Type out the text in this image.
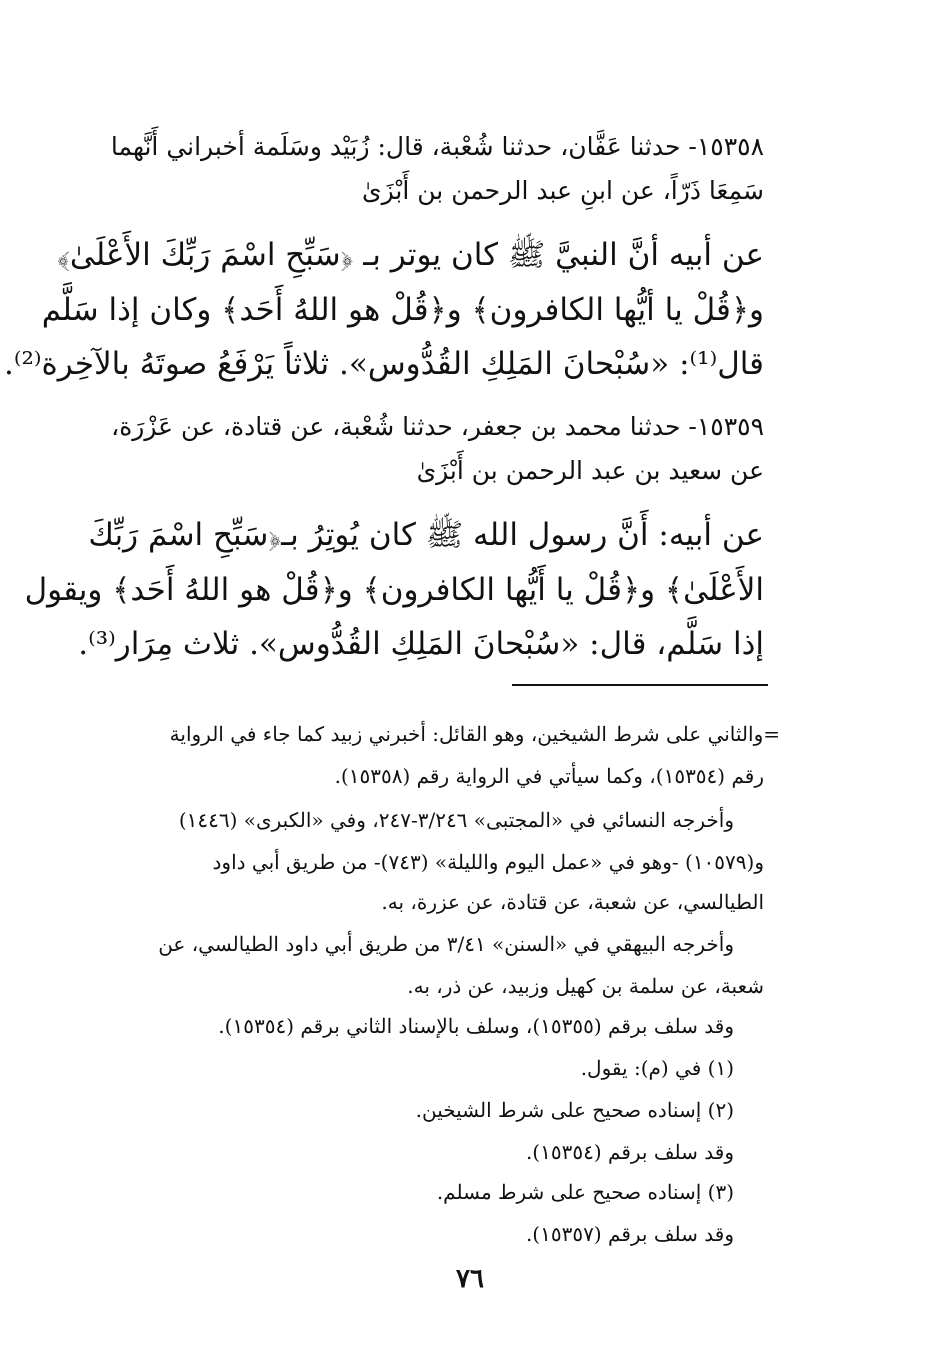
١٥٣٥٨- حدثنا عَفَّان، حدثنا شُعْبة، قال: زُبَيْد وسَلَمة أخبراني أَنَّهما
سَمِعَا ذَرّاً، عن ابنِ عبد الرحمن بن أَبْزَىٰ
عن أبيه أنَّ النبيَّ ﷺ كان يوتر بـ ﴿سَبِّحِ اسْمَ رَبِّكَ الأَعْلَىٰ﴾
و﴿قُلْ يا أيُّها الكافرون﴾ و﴿قُلْ هو اللهُ أَحَد﴾ وكان إذا سَلَّم
قال⁽¹⁾: «سُبْحانَ المَلِكِ القُدُّوس». ثلاثاً يَرْفَعُ صوتَهُ بالآخِرة⁽²⁾.
١٥٣٥٩- حدثنا محمد بن جعفر، حدثنا شُعْبة، عن قتادة، عن عَزْرَة،
عن سعيد بن عبد الرحمن بن أَبْزَىٰ
عن أبيه: أَنَّ رسول الله ﷺ كان يُوتِرُ بـ﴿سَبِّحِ اسْمَ رَبِّكَ
الأَعْلَىٰ﴾ و﴿قُلْ يا أَيُّها الكافرون﴾ و﴿قُلْ هو اللهُ أَحَد﴾ ويقول
إذا سَلَّم، قال: «سُبْحانَ المَلِكِ القُدُّوس». ثلاث مِرَار⁽³⁾.
=والثاني على شرط الشيخين، وهو القائل: أخبرني زبيد كما جاء في الرواية
رقم (١٥٣٥٤)، وكما سيأتي في الرواية رقم (١٥٣٥٨).
وأخرجه النسائي في «المجتبى» ٣/٢٤٦-٢٤٧، وفي «الكبرى» (١٤٤٦)
و(١٠٥٧٩) -وهو في «عمل اليوم والليلة» (٧٤٣)- من طريق أبي داود
الطيالسي، عن شعبة، عن قتادة، عن عزرة، به.
وأخرجه البيهقي في «السنن» ٣/٤١ من طريق أبي داود الطيالسي، عن
شعبة، عن سلمة بن كهيل وزبيد، عن ذر، به.
وقد سلف برقم (١٥٣٥٥)، وسلف بالإسناد الثاني برقم (١٥٣٥٤).
(١) في (م): يقول.
(٢) إسناده صحيح على شرط الشيخين.
وقد سلف برقم (١٥٣٥٤).
(٣) إسناده صحيح على شرط مسلم.
وقد سلف برقم (١٥٣٥٧).
٧٦
